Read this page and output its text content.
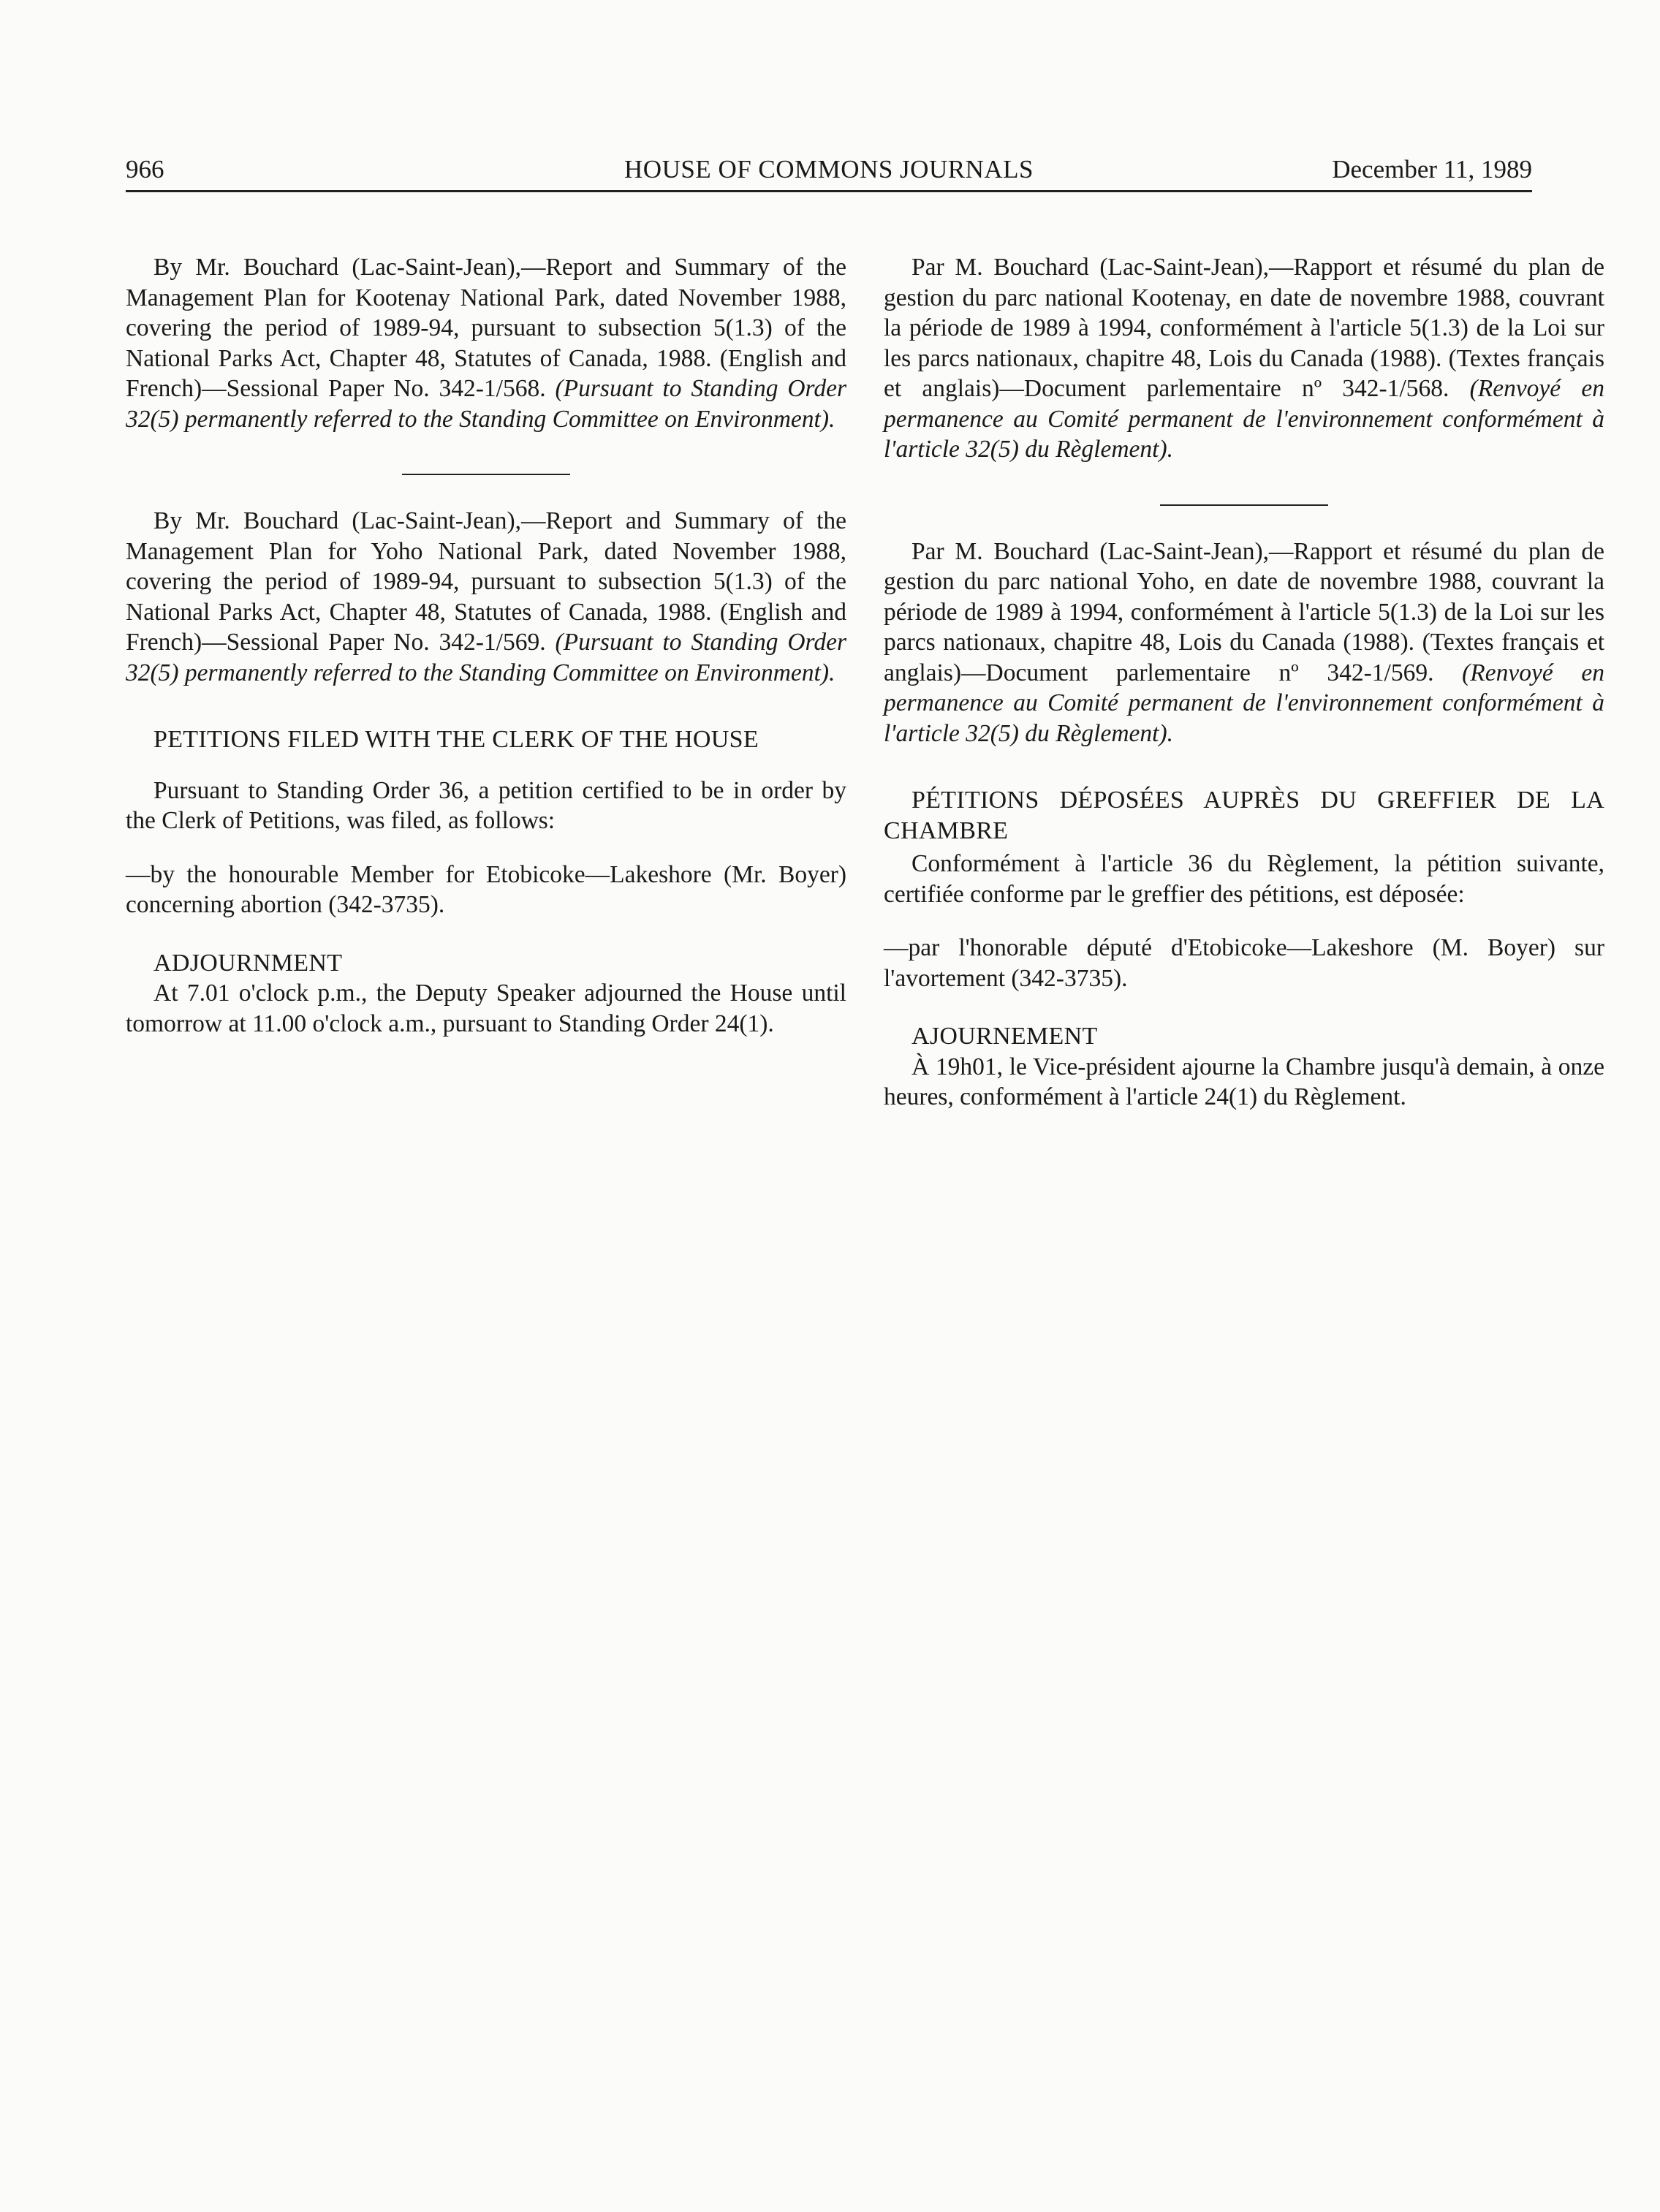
HOUSE OF COMMONS JOURNALS
966	December 11, 1989

By Mr. Bouchard (Lac-Saint-Jean),—Report and Summary of the Management Plan for Kootenay National Park, dated November 1988, covering the period of 1989-94, pursuant to subsection 5(1.3) of the National Parks Act, Chapter 48, Statutes of Canada, 1988. (English and French)—Sessional Paper No. 342-1/568. (Pursuant to Standing Order 32(5) permanently referred to the Standing Committee on Environment).

By Mr. Bouchard (Lac-Saint-Jean),—Report and Summary of the Management Plan for Yoho National Park, dated November 1988, covering the period of 1989-94, pursuant to subsection 5(1.3) of the National Parks Act, Chapter 48, Statutes of Canada, 1988. (English and French)—Sessional Paper No. 342-1/569. (Pursuant to Standing Order 32(5) permanently referred to the Standing Committee on Environment).

PETITIONS FILED WITH THE CLERK OF THE HOUSE

Pursuant to Standing Order 36, a petition certified to be in order by the Clerk of Petitions, was filed, as follows:

—by the honourable Member for Etobicoke—Lakeshore (Mr. Boyer) concerning abortion (342-3735).

ADJOURNMENT

At 7.01 o'clock p.m., the Deputy Speaker adjourned the House until tomorrow at 11.00 o'clock a.m., pursuant to Standing Order 24(1).

Par M. Bouchard (Lac-Saint-Jean),—Rapport et résumé du plan de gestion du parc national Kootenay, en date de novembre 1988, couvrant la période de 1989 à 1994, conformément à l'article 5(1.3) de la Loi sur les parcs nationaux, chapitre 48, Lois du Canada (1988). (Textes français et anglais)—Document parlementaire nº 342-1/568. (Renvoyé en permanence au Comité permanent de l'environnement conformément à l'article 32(5) du Règlement).

Par M. Bouchard (Lac-Saint-Jean),—Rapport et résumé du plan de gestion du parc national Yoho, en date de novembre 1988, couvrant la période de 1989 à 1994, conformément à l'article 5(1.3) de la Loi sur les parcs nationaux, chapitre 48, Lois du Canada (1988). (Textes français et anglais)—Document parlementaire nº 342-1/569. (Renvoyé en permanence au Comité permanent de l'environnement conformément à l'article 32(5) du Règlement).

PÉTITIONS DÉPOSÉES AUPRÈS DU GREFFIER DE LA CHAMBRE

Conformément à l'article 36 du Règlement, la pétition suivante, certifiée conforme par le greffier des pétitions, est déposée:

—par l'honorable député d'Etobicoke—Lakeshore (M. Boyer) sur l'avortement (342-3735).

AJOURNEMENT

À 19h01, le Vice-président ajourne la Chambre jusqu'à demain, à onze heures, conformément à l'article 24(1) du Règlement.
